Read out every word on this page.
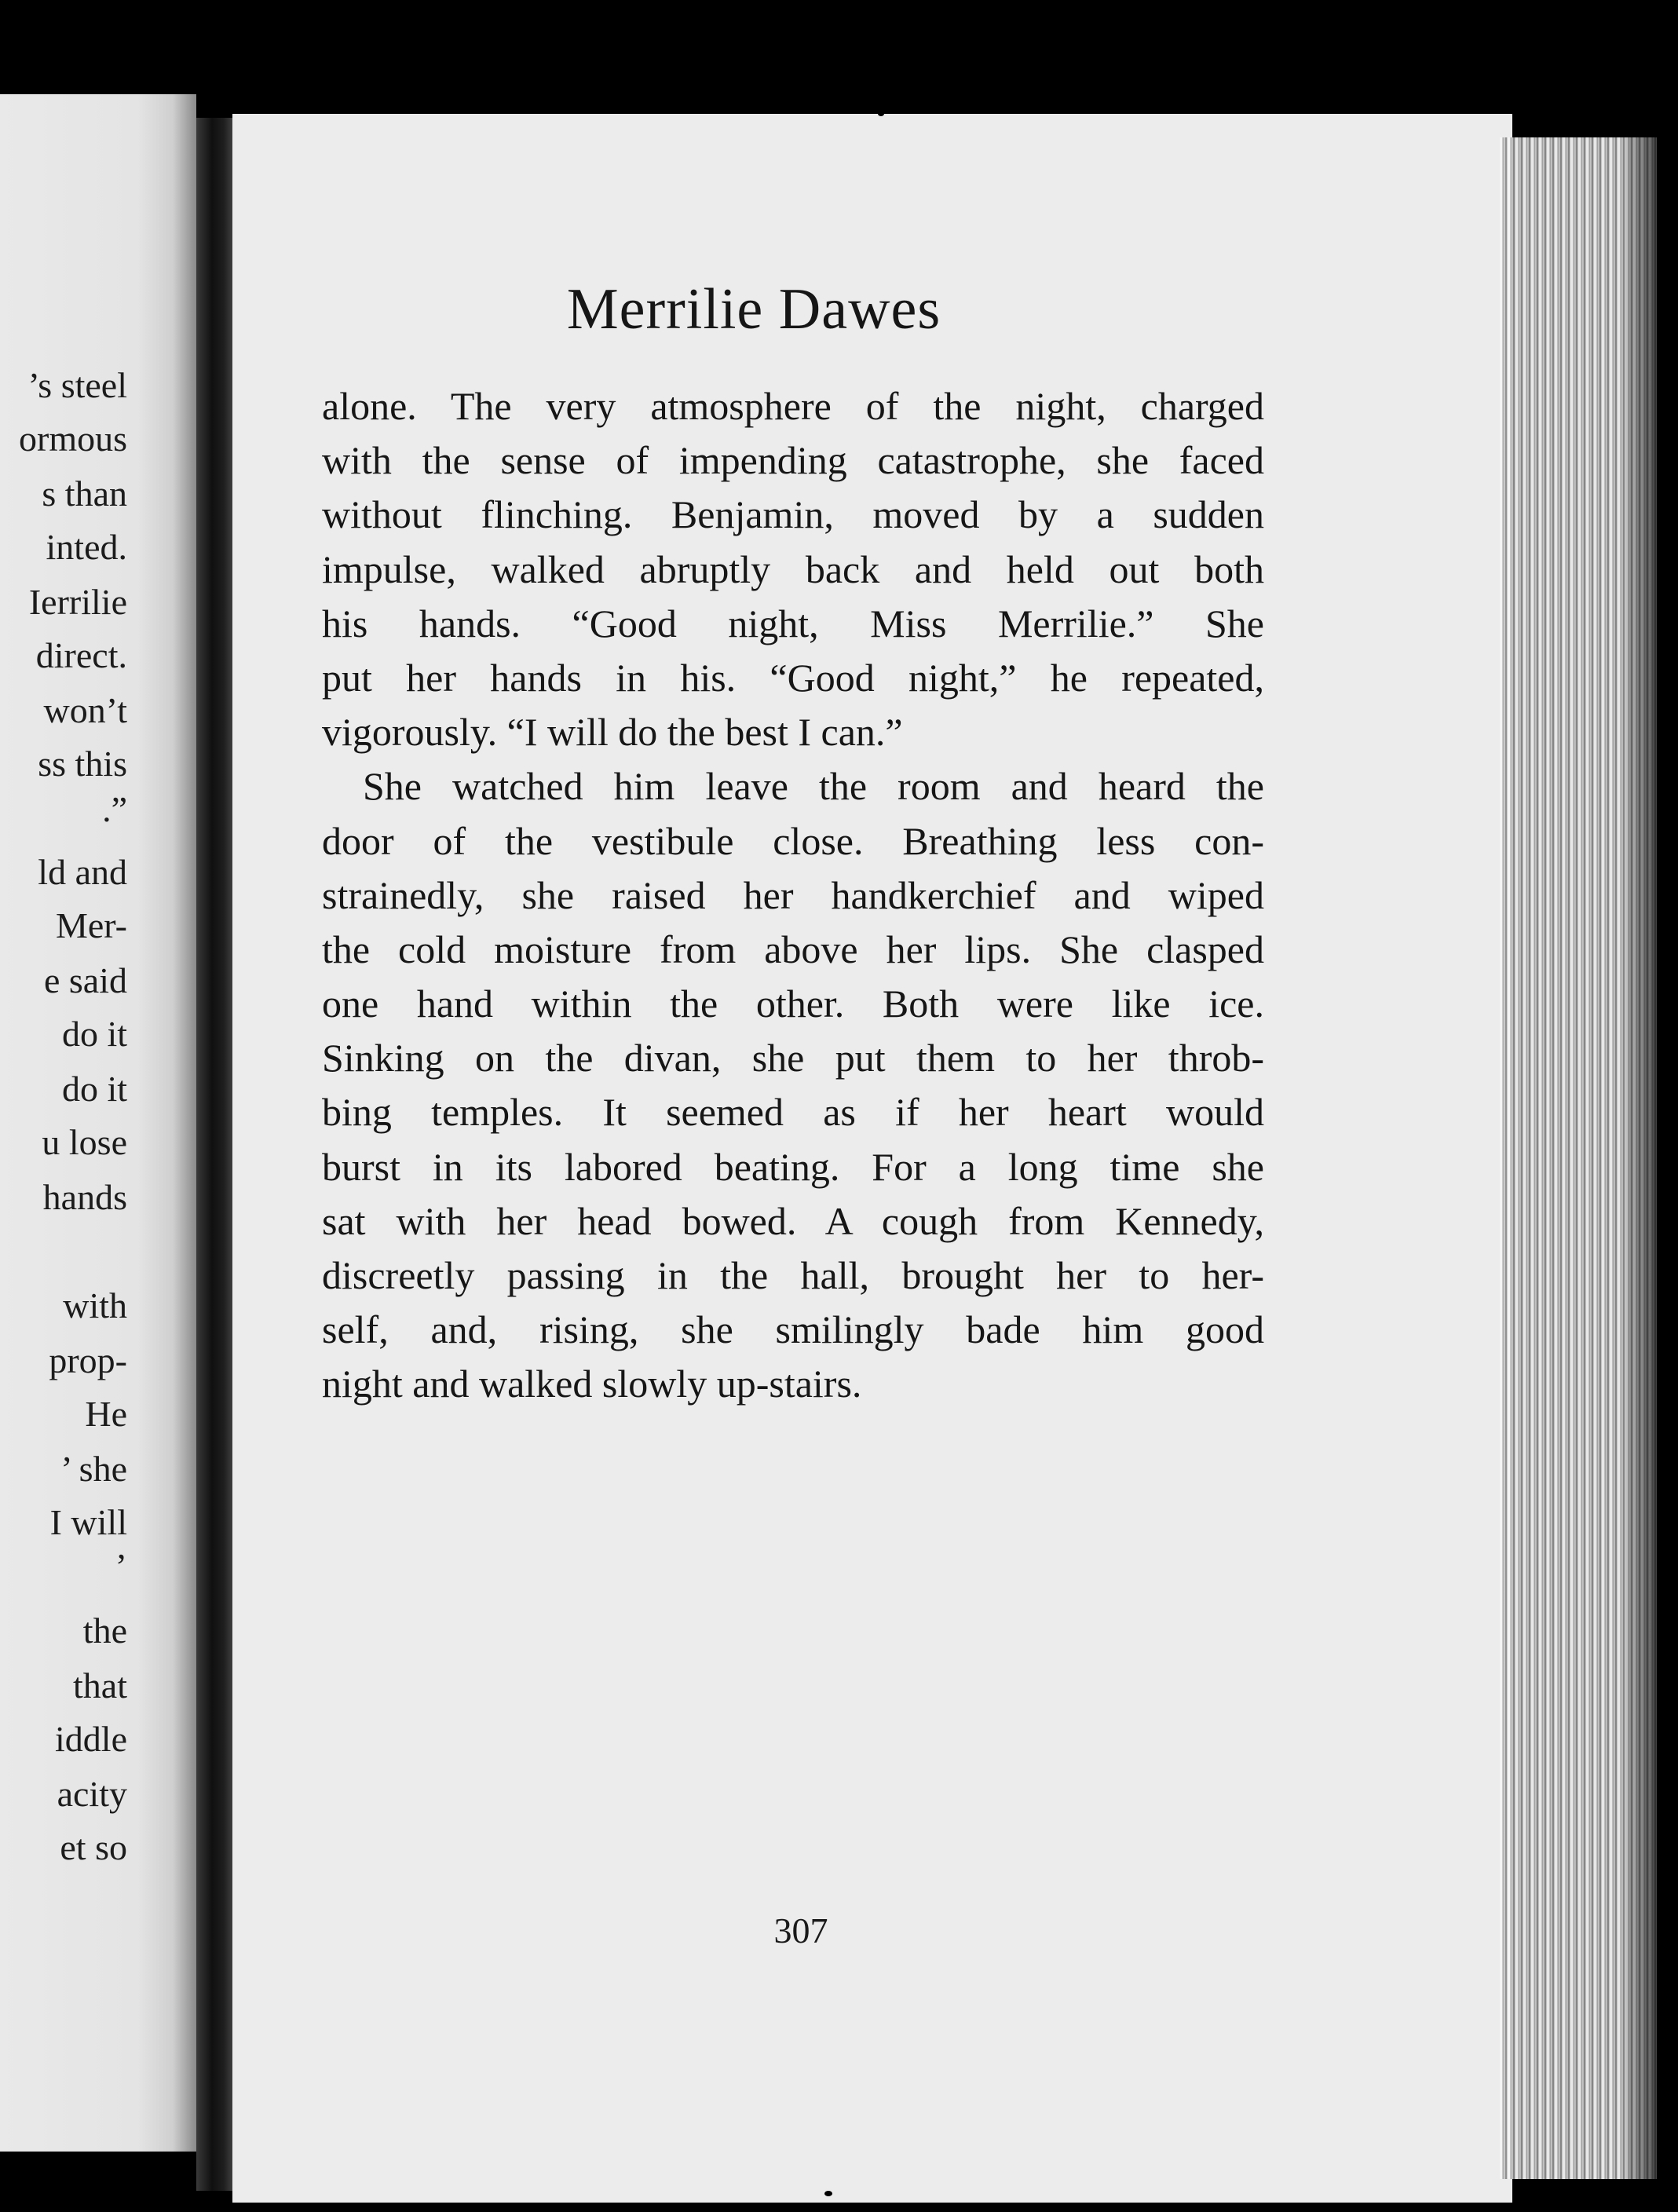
’s steel
ormous
s than
inted.
Ierrilie
direct.
won’t
ss this
.”
ld and
Mer-
e said
do it
do it
u lose
hands
with
prop-
He
’ she
I will
’
the
that
iddle
acity
et so
Merrilie Dawes
alone. The very atmosphere of the night, charged
with the sense of impending catastrophe, she faced
without flinching. Benjamin, moved by a sudden
impulse, walked abruptly back and held out both
his hands. “Good night, Miss Merrilie.” She
put her hands in his. “Good night,” he repeated,
vigorously. “I will do the best I can.”
She watched him leave the room and heard the
door of the vestibule close. Breathing less con-
strainedly, she raised her handkerchief and wiped
the cold moisture from above her lips. She clasped
one hand within the other. Both were like ice.
Sinking on the divan, she put them to her throb-
bing temples. It seemed as if her heart would
burst in its labored beating. For a long time she
sat with her head bowed. A cough from Kennedy,
discreetly passing in the hall, brought her to her-
self, and, rising, she smilingly bade him good
night and walked slowly up-stairs.
307
